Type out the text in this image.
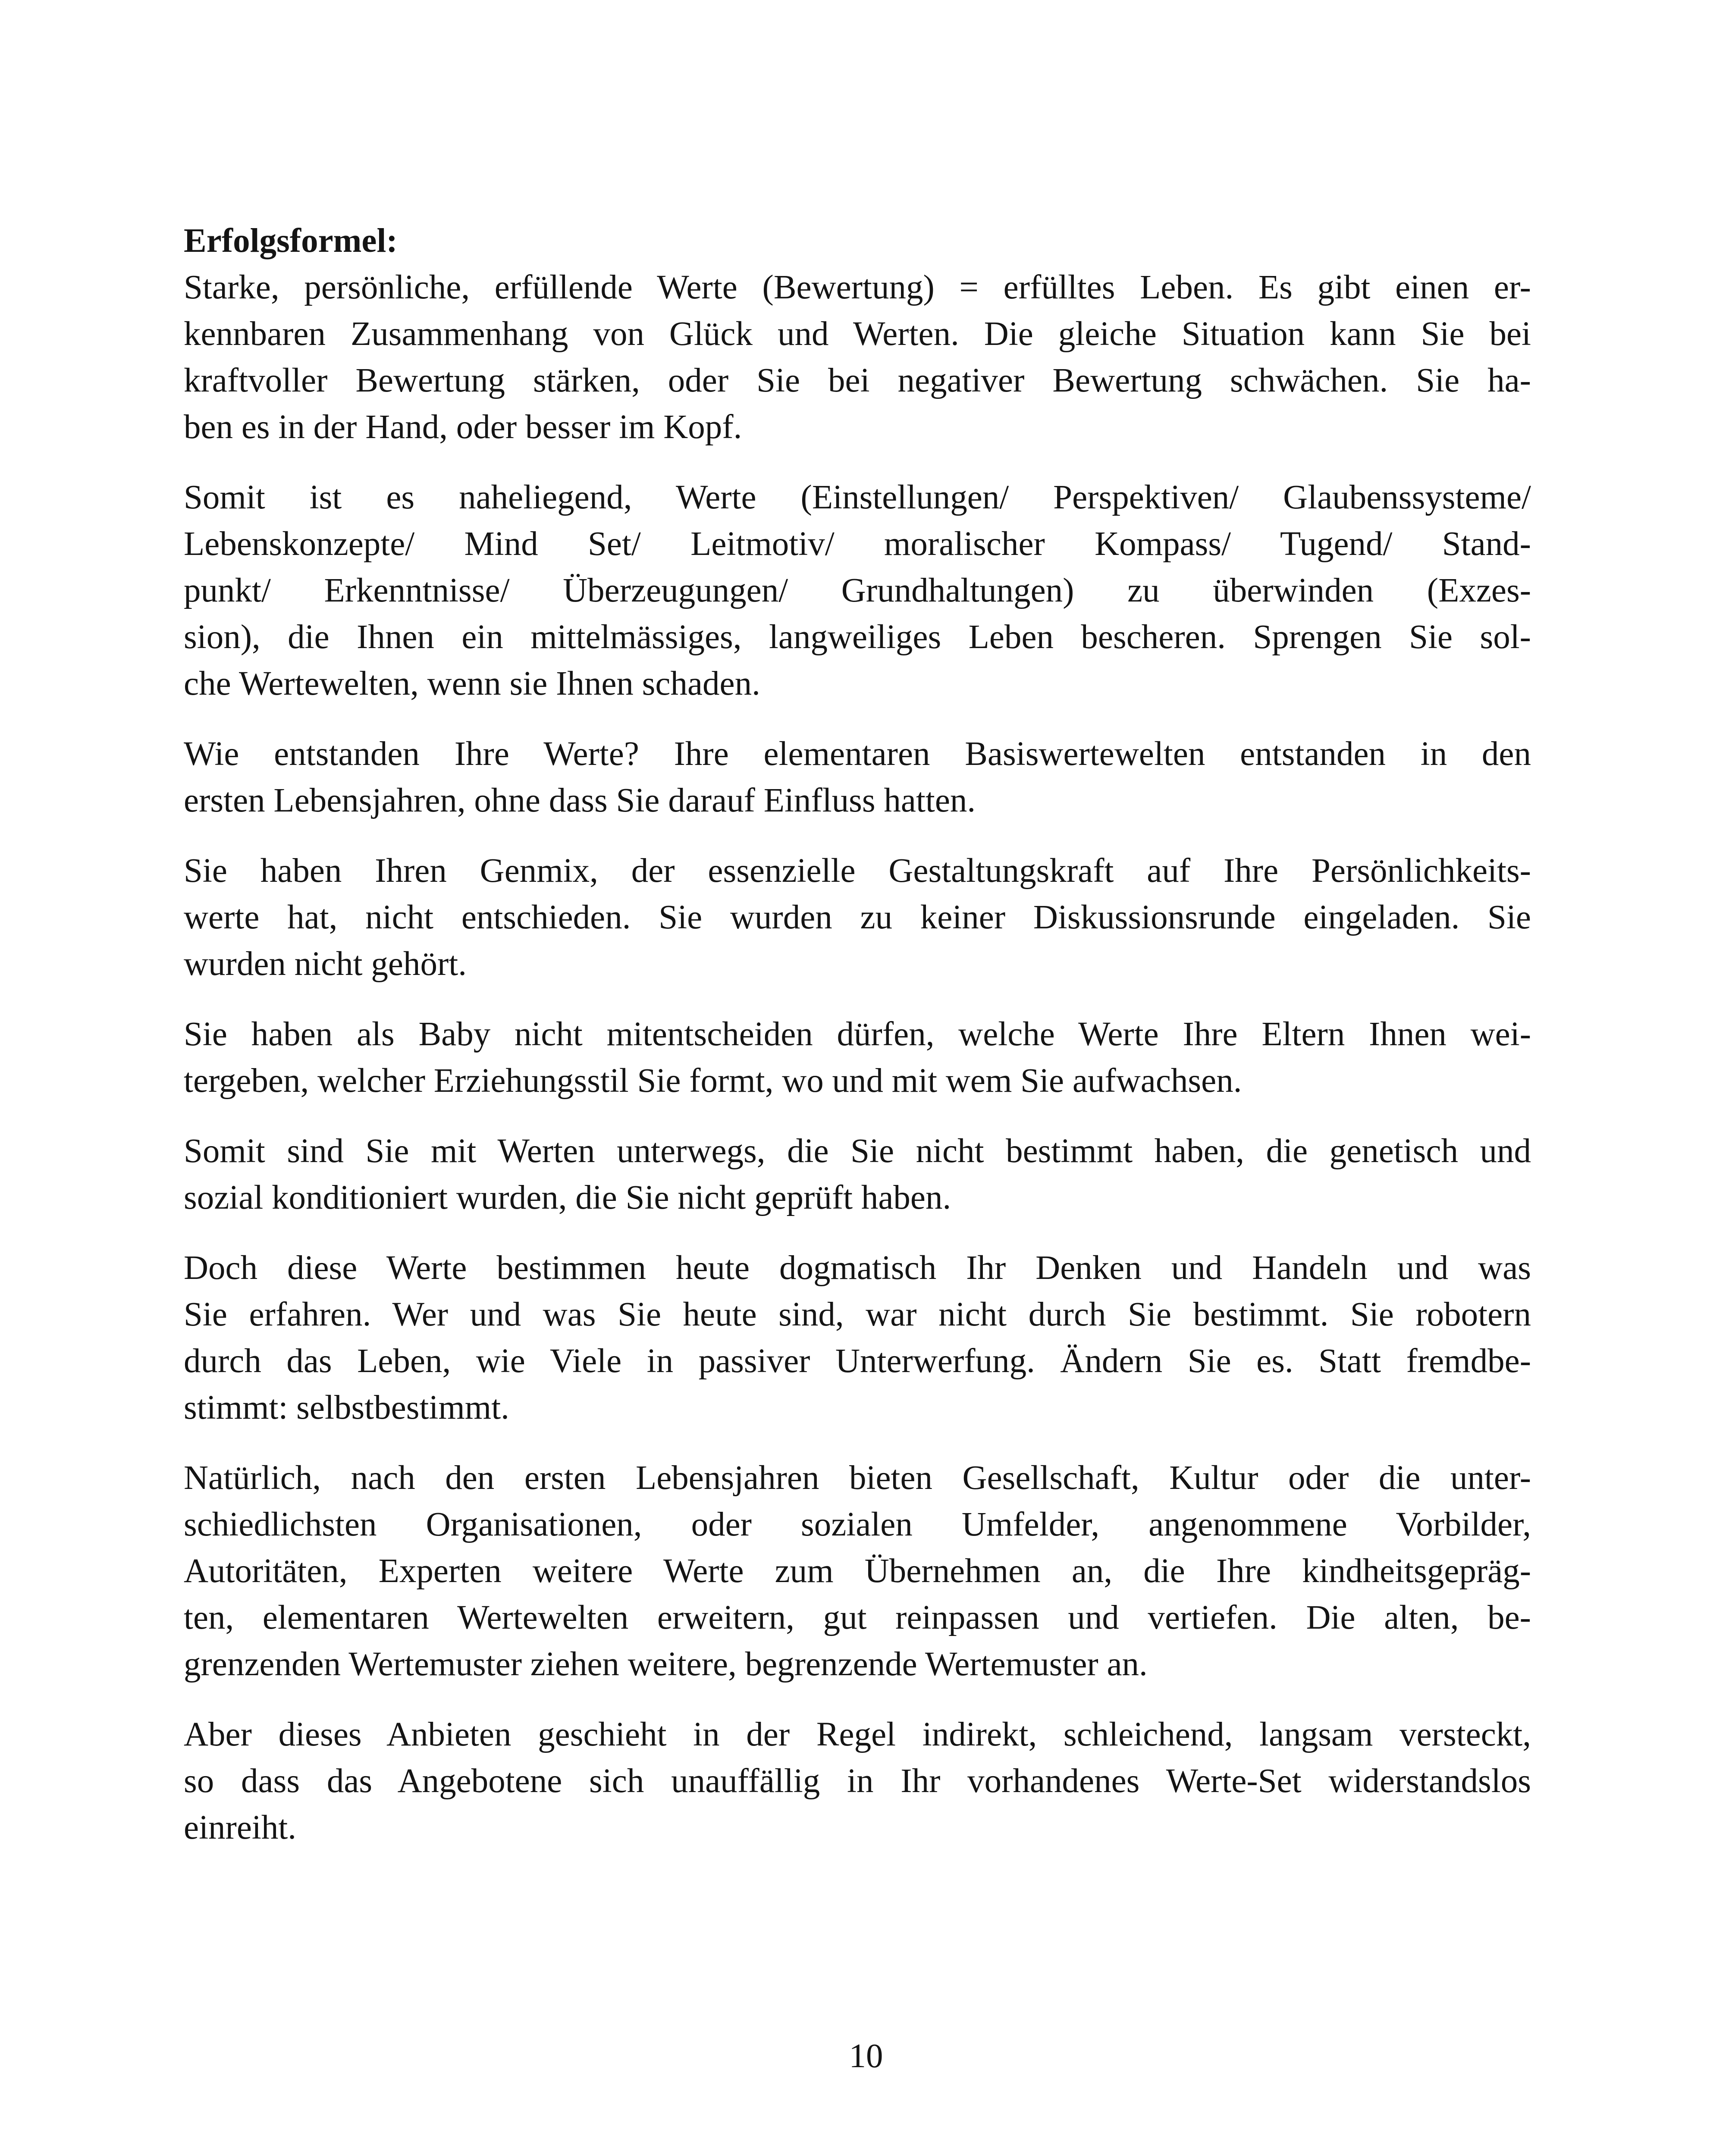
Erfolgsformel:
Starke, persönliche, erfüllende Werte (Bewertung) = erfülltes Leben. Es gibt einen er-
kennbaren Zusammenhang von Glück und Werten. Die gleiche Situation kann Sie bei
kraftvoller Bewertung stärken, oder Sie bei negativer Bewertung schwächen. Sie ha-
ben es in der Hand, oder besser im Kopf.
Somit ist es naheliegend, Werte (Einstellungen/ Perspektiven/ Glaubenssysteme/
Lebenskonzepte/ Mind Set/ Leitmotiv/ moralischer Kompass/ Tugend/ Stand-
punkt/ Erkenntnisse/ Überzeugungen/ Grundhaltungen) zu überwinden (Exzes-
sion), die Ihnen ein mittelmässiges, langweiliges Leben bescheren. Sprengen Sie sol-
che Wertewelten, wenn sie Ihnen schaden.
Wie entstanden Ihre Werte? Ihre elementaren Basiswertewelten entstanden in den
ersten Lebensjahren, ohne dass Sie darauf Einfluss hatten.
Sie haben Ihren Genmix, der essenzielle Gestaltungskraft auf Ihre Persönlichkeits-
werte hat, nicht entschieden. Sie wurden zu keiner Diskussionsrunde eingeladen. Sie
wurden nicht gehört.
Sie haben als Baby nicht mitentscheiden dürfen, welche Werte Ihre Eltern Ihnen wei-
tergeben, welcher Erziehungsstil Sie formt, wo und mit wem Sie aufwachsen.
Somit sind Sie mit Werten unterwegs, die Sie nicht bestimmt haben, die genetisch und
sozial konditioniert wurden, die Sie nicht geprüft haben.
Doch diese Werte bestimmen heute dogmatisch Ihr Denken und Handeln und was
Sie erfahren. Wer und was Sie heute sind, war nicht durch Sie bestimmt. Sie robotern
durch das Leben, wie Viele in passiver Unterwerfung. Ändern Sie es. Statt fremdbe-
stimmt: selbstbestimmt.
Natürlich, nach den ersten Lebensjahren bieten Gesellschaft, Kultur oder die unter-
schiedlichsten Organisationen, oder sozialen Umfelder, angenommene Vorbilder,
Autoritäten, Experten weitere Werte zum Übernehmen an, die Ihre kindheitsgepräg-
ten, elementaren Wertewelten erweitern, gut reinpassen und vertiefen. Die alten, be-
grenzenden Wertemuster ziehen weitere, begrenzende Wertemuster an.
Aber dieses Anbieten geschieht in der Regel indirekt, schleichend, langsam versteckt,
so dass das Angebotene sich unauffällig in Ihr vorhandenes Werte-Set widerstandslos
einreiht.
10
